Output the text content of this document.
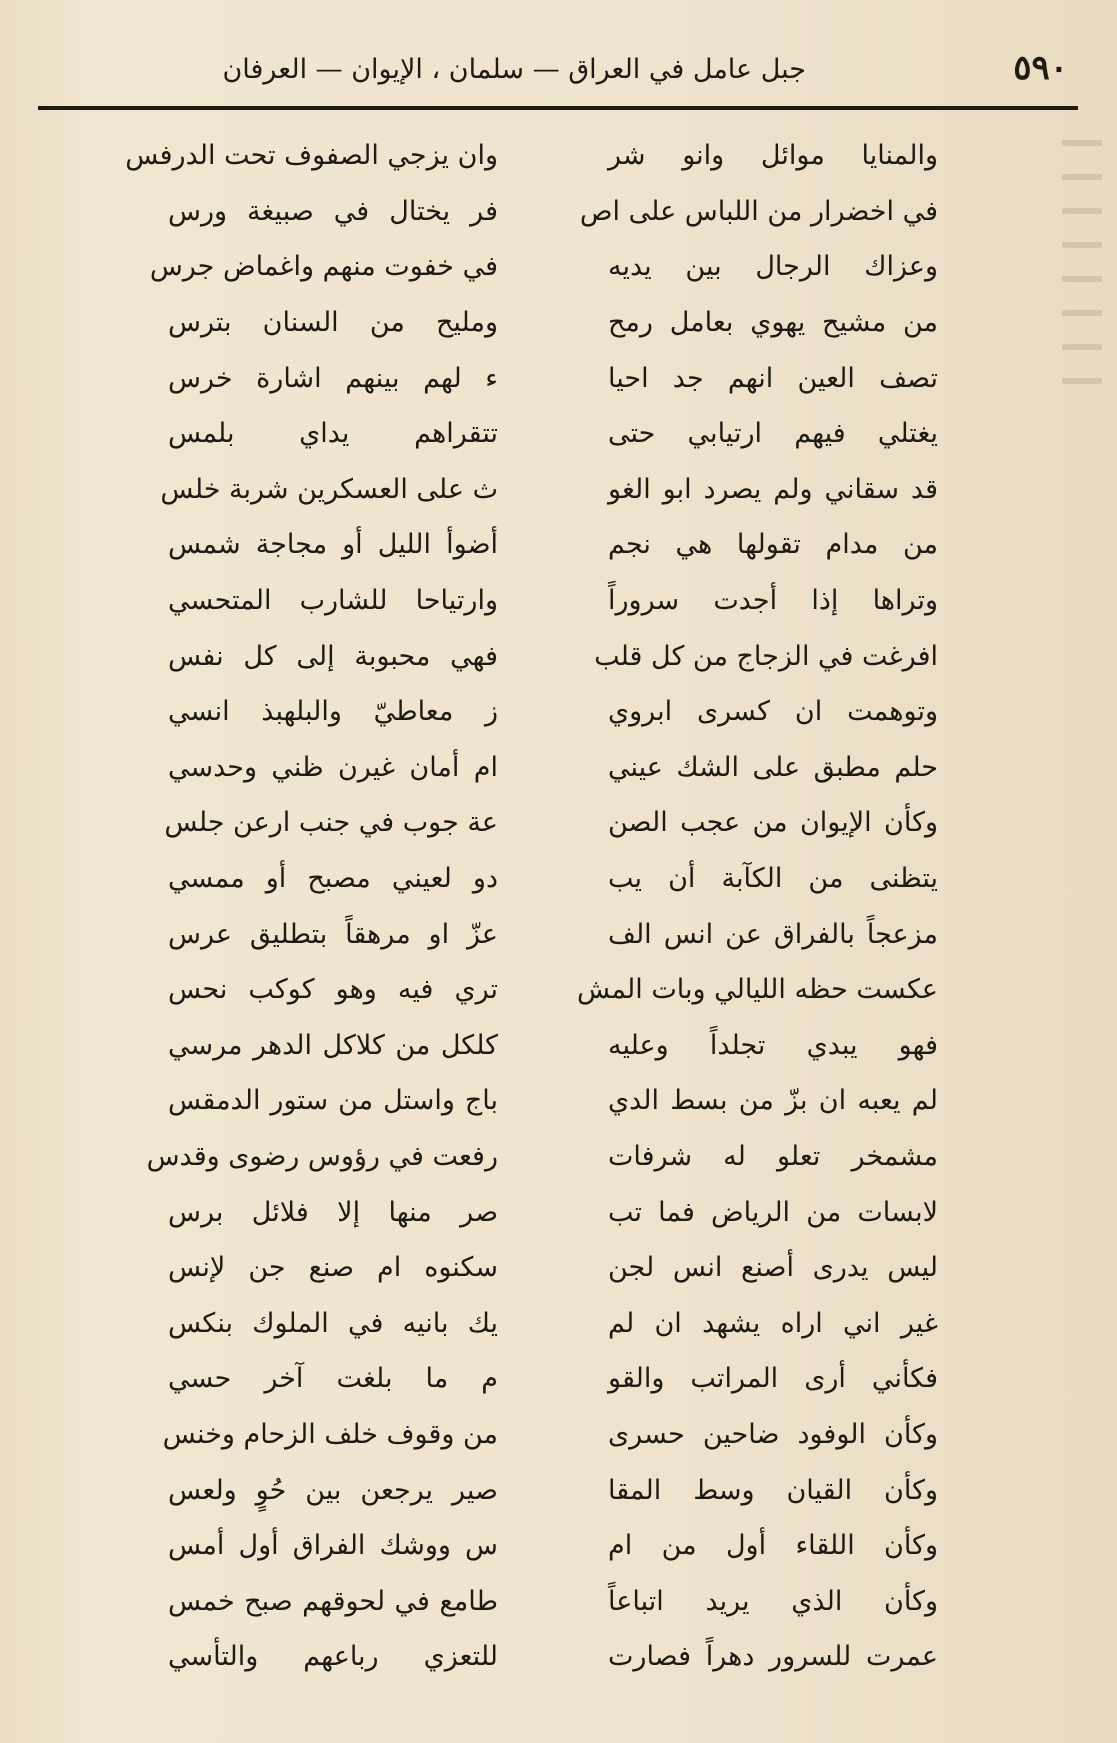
٥٩٠
جبل عامل في العراق — سلمان ، الإيوان — العرفان
والمنايا موائل وانو شر
وان يزجي الصفوف تحت الدرفس
في اخضرار من اللباس على اص
فر يختال في صبيغة ورس
وعزاك الرجال بين يديه
في خفوت منهم واغماض جرس
من مشيح يهوي بعامل رمح
ومليح من السنان بترس
تصف العين انهم جد احيا
ء لهم بينهم اشارة خرس
يغتلي فيهم ارتيابي حتى
تتقراهم يداي بلمس
قد سقاني ولم يصرد ابو الغو
ث على العسكرين شربة خلس
من مدام تقولها هي نجم
أضوأ الليل أو مجاجة شمس
وتراها إذا أجدت سروراً
وارتياحا للشارب المتحسي
افرغت في الزجاج من كل قلب
فهي محبوبة إلى كل نفس
وتوهمت ان كسرى ابروي
ز معاطيّ والبلهبذ انسي
حلم مطبق على الشك عيني
ام أمان غيرن ظني وحدسي
وكأن الإيوان من عجب الصن
عة جوب في جنب ارعن جلس
يتظنى من الكآبة أن يب
دو لعيني مصبح أو ممسي
مزعجاً بالفراق عن انس الف
عزّ او مرهقاً بتطليق عرس
عكست حظه الليالي وبات المش
تري فيه وهو كوكب نحس
فهو يبدي تجلداً وعليه
كلكل من كلاكل الدهر مرسي
لم يعبه ان بزّ من بسط الدي
باج واستل من ستور الدمقس
مشمخر تعلو له شرفات
رفعت في رؤوس رضوى وقدس
لابسات من الرياض فما تب
صر منها إلا فلائل برس
ليس يدرى أصنع انس لجن
سكنوه ام صنع جن لإنس
غير اني اراه يشهد ان لم
يك بانيه في الملوك بنكس
فكأني أرى المراتب والقو
م ما بلغت آخر حسي
وكأن الوفود ضاحين حسرى
من وقوف خلف الزحام وخنس
وكأن القيان وسط المقا
صير يرجعن بين حُوٍ ولعس
وكأن اللقاء أول من ام
س ووشك الفراق أول أمس
وكأن الذي يريد اتباعاً
طامع في لحوقهم صبح خمس
عمرت للسرور دهراً فصارت
للتعزي رباعهم والتأسي
